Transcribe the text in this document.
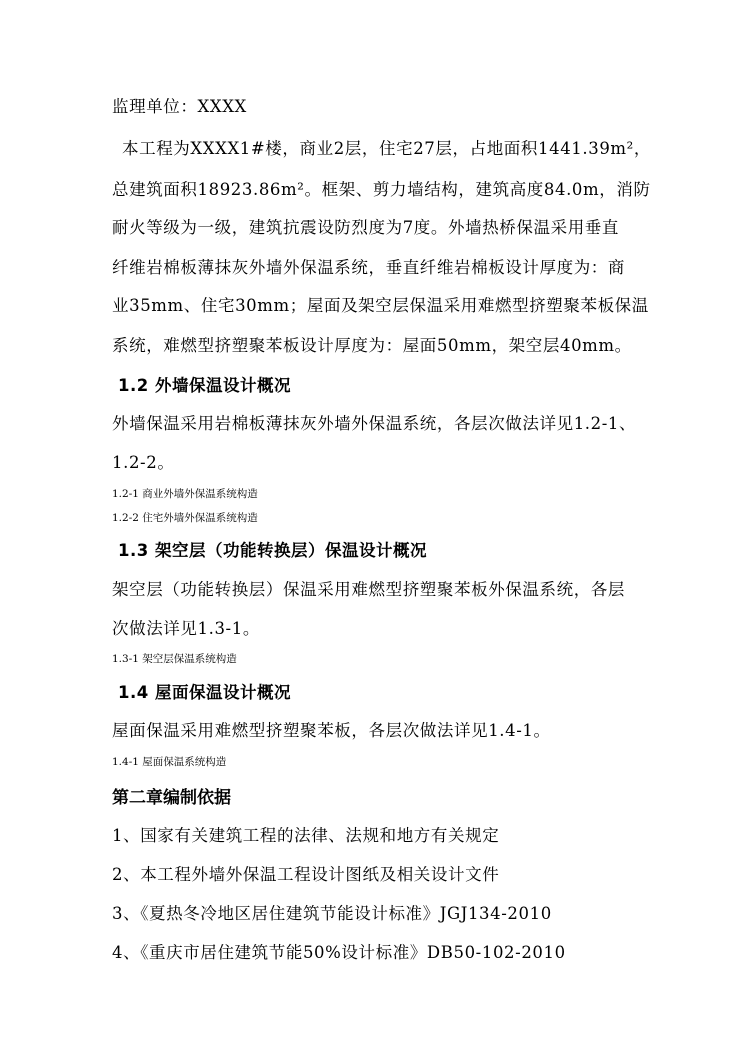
监理单位：XXXX
本工程为XXXX1#楼，商业2层，住宅27层，占地面积1441.39m²，
总建筑面积18923.86m²。框架、剪力墙结构，建筑高度84.0m，消防
耐火等级为一级，建筑抗震设防烈度为7度。外墙热桥保温采用垂直
纤维岩棉板薄抹灰外墙外保温系统，垂直纤维岩棉板设计厚度为：商
业35mm、住宅30mm；屋面及架空层保温采用难燃型挤塑聚苯板保温
系统，难燃型挤塑聚苯板设计厚度为：屋面50mm，架空层40mm。
1.2 外墙保温设计概况
外墙保温采用岩棉板薄抹灰外墙外保温系统，各层次做法详见1.2-1、
1.2-2。
1.2-1 商业外墙外保温系统构造
1.2-2 住宅外墙外保温系统构造
1.3 架空层（功能转换层）保温设计概况
架空层（功能转换层）保温采用难燃型挤塑聚苯板外保温系统，各层
次做法详见1.3-1。
1.3-1 架空层保温系统构造
1.4 屋面保温设计概况
屋面保温采用难燃型挤塑聚苯板，各层次做法详见1.4-1。
1.4-1 屋面保温系统构造
第二章编制依据
1、国家有关建筑工程的法律、法规和地方有关规定
2、本工程外墙外保温工程设计图纸及相关设计文件
3、《夏热冬冷地区居住建筑节能设计标准》JGJ134-2010
4、《重庆市居住建筑节能50%设计标准》DB50-102-2010
